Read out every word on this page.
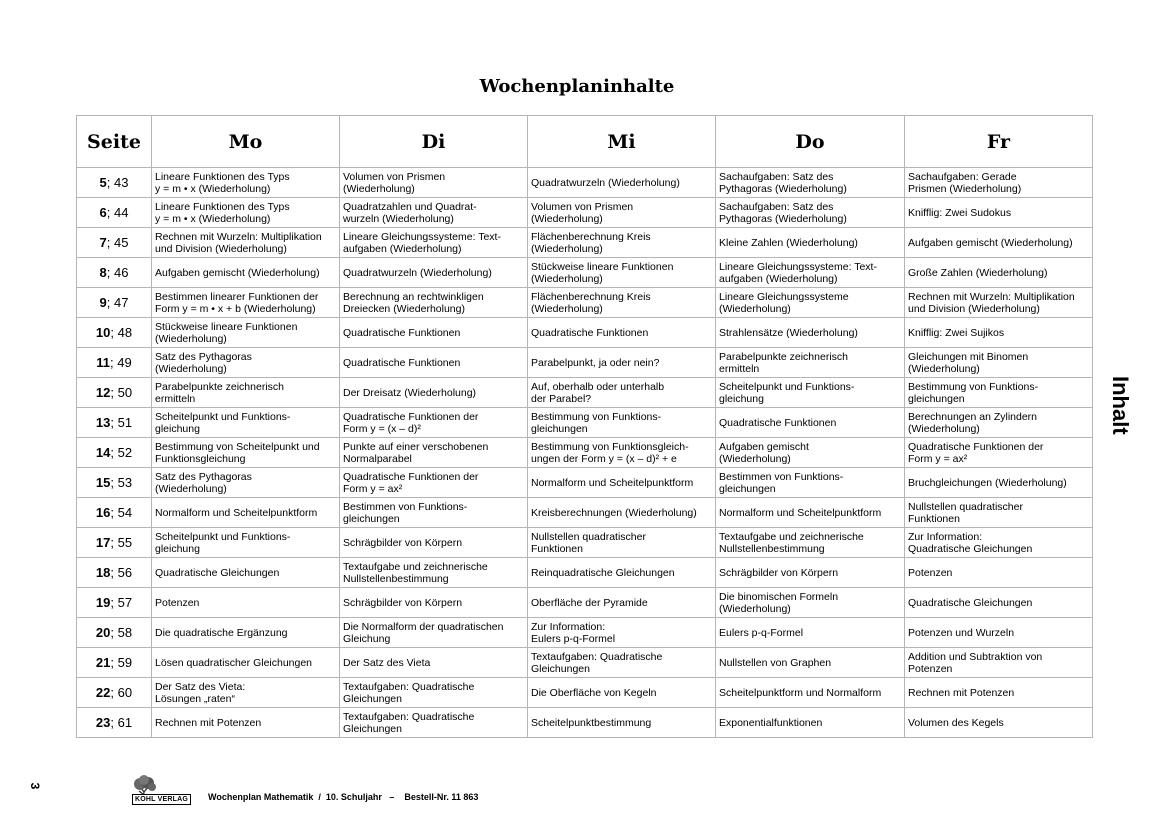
Wochenplaninhalte
Seite	Mo	Di	Mi	Do	Fr
5; 43	Lineare Funktionen des Typs
y = m • x (Wiederholung)	Volumen von Prismen
(Wiederholung)	Quadratwurzeln (Wiederholung)	Sachaufgaben: Satz des
Pythagoras (Wiederholung)	Sachaufgaben: Gerade
Prismen (Wiederholung)
6; 44	Lineare Funktionen des Typs
y = m • x (Wiederholung)	Quadratzahlen und Quadrat-
wurzeln (Wiederholung)	Volumen von Prismen
(Wiederholung)	Sachaufgaben: Satz des
Pythagoras (Wiederholung)	Knifflig: Zwei Sudokus
7; 45	Rechnen mit Wurzeln: Multiplikation
und Division (Wiederholung)	Lineare Gleichungssysteme: Text-
aufgaben (Wiederholung)	Flächenberechnung Kreis
(Wiederholung)	Kleine Zahlen (Wiederholung)	Aufgaben gemischt (Wiederholung)
8; 46	Aufgaben gemischt (Wiederholung)	Quadratwurzeln (Wiederholung)	Stückweise lineare Funktionen
(Wiederholung)	Lineare Gleichungssysteme: Text-
aufgaben (Wiederholung)	Große Zahlen (Wiederholung)
9; 47	Bestimmen linearer Funktionen der
Form y = m • x + b (Wiederholung)	Berechnung an rechtwinkligen
Dreiecken (Wiederholung)	Flächenberechnung Kreis
(Wiederholung)	Lineare Gleichungssysteme
(Wiederholung)	Rechnen mit Wurzeln: Multiplikation
und Division (Wiederholung)
10; 48	Stückweise lineare Funktionen
(Wiederholung)	Quadratische Funktionen	Quadratische Funktionen	Strahlensätze (Wiederholung)	Knifflig: Zwei Sujikos
11; 49	Satz des Pythagoras
(Wiederholung)	Quadratische Funktionen	Parabelpunkt, ja oder nein?	Parabelpunkte zeichnerisch
ermitteln	Gleichungen mit Binomen
(Wiederholung)
12; 50	Parabelpunkte zeichnerisch
ermitteln	Der Dreisatz (Wiederholung)	Auf, oberhalb oder unterhalb
der Parabel?	Scheitelpunkt und Funktions-
gleichung	Bestimmung von Funktions-
gleichungen
13; 51	Scheitelpunkt und Funktions-
gleichung	Quadratische Funktionen der
Form y = (x – d)²	Bestimmung von Funktions-
gleichungen	Quadratische Funktionen	Berechnungen an Zylindern
(Wiederholung)
14; 52	Bestimmung von Scheitelpunkt und
Funktionsgleichung	Punkte auf einer verschobenen
Normalparabel	Bestimmung von Funktionsgleich-
ungen der Form y = (x – d)² + e	Aufgaben gemischt
(Wiederholung)	Quadratische Funktionen der
Form y = ax²
15; 53	Satz des Pythagoras
(Wiederholung)	Quadratische Funktionen der
Form y = ax²	Normalform und Scheitelpunktform	Bestimmen von Funktions-
gleichungen	Bruchgleichungen (Wiederholung)
16; 54	Normalform und Scheitelpunktform	Bestimmen von Funktions-
gleichungen	Kreisberechnungen (Wiederholung)	Normalform und Scheitelpunktform	Nullstellen quadratischer
Funktionen
17; 55	Scheitelpunkt und Funktions-
gleichung	Schrägbilder von Körpern	Nullstellen quadratischer
Funktionen	Textaufgabe und zeichnerische
Nullstellenbestimmung	Zur Information:
Quadratische Gleichungen
18; 56	Quadratische Gleichungen	Textaufgabe und zeichnerische
Nullstellenbestimmung	Reinquadratische Gleichungen	Schrägbilder von Körpern	Potenzen
19; 57	Potenzen	Schrägbilder von Körpern	Oberfläche der Pyramide	Die binomischen Formeln
(Wiederholung)	Quadratische Gleichungen
20; 58	Die quadratische Ergänzung	Die Normalform der quadratischen
Gleichung	Zur Information:
Eulers p-q-Formel	Eulers p-q-Formel	Potenzen und Wurzeln
21; 59	Lösen quadratischer Gleichungen	Der Satz des Vieta	Textaufgaben: Quadratische
Gleichungen	Nullstellen von Graphen	Addition und Subtraktion von
Potenzen
22; 60	Der Satz des Vieta:
Lösungen „raten“	Textaufgaben: Quadratische
Gleichungen	Die Oberfläche von Kegeln	Scheitelpunktform und Normalform	Rechnen mit Potenzen
23; 61	Rechnen mit Potenzen	Textaufgaben: Quadratische
Gleichungen	Scheitelpunktbestimmung	Exponentialfunktionen	Volumen des Kegels
Inhalt
3
KOHL VERLAG	Wochenplan Mathematik  /  10. Schuljahr   –    Bestell-Nr. 11 863
